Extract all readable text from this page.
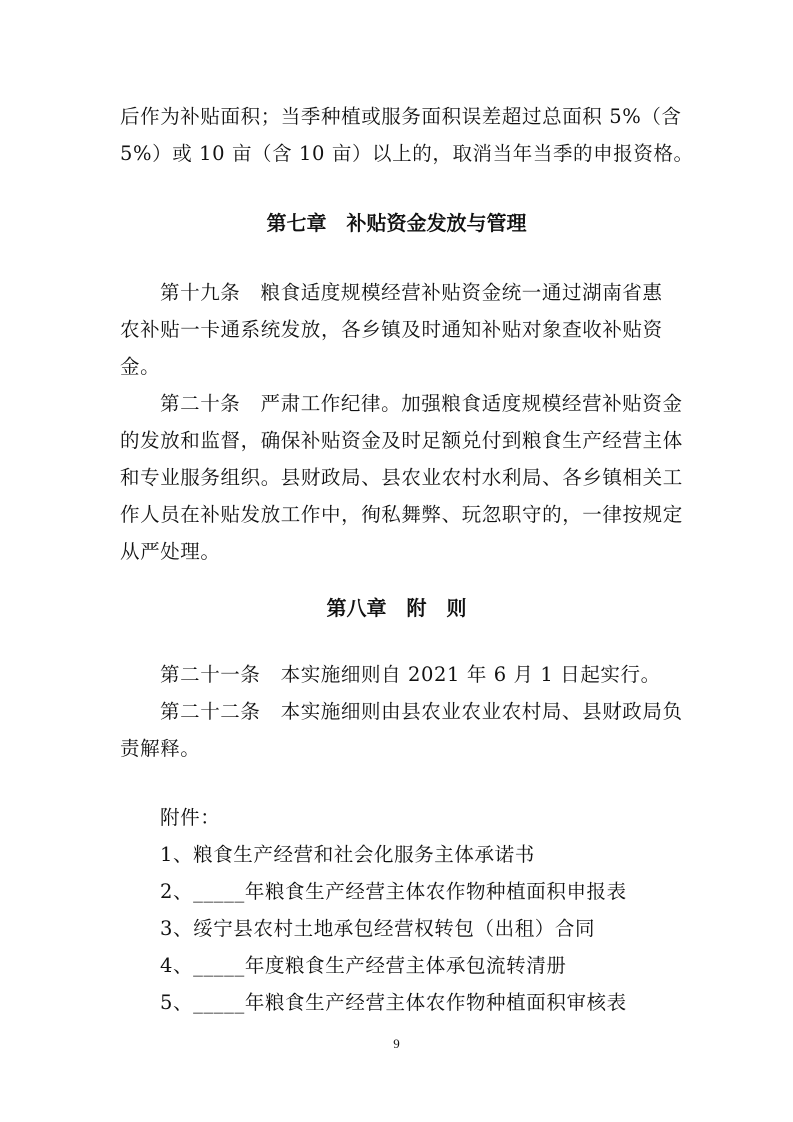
后作为补贴面积；当季种植或服务面积误差超过总面积 5%（含
5%）或 10 亩（含 10 亩）以上的，取消当年当季的申报资格。
第七章　补贴资金发放与管理
第十九条　粮食适度规模经营补贴资金统一通过湖南省惠
农补贴一卡通系统发放，各乡镇及时通知补贴对象查收补贴资
金。
第二十条　严肃工作纪律。加强粮食适度规模经营补贴资金
的发放和监督，确保补贴资金及时足额兑付到粮食生产经营主体
和专业服务组织。县财政局、县农业农村水利局、各乡镇相关工
作人员在补贴发放工作中，徇私舞弊、玩忽职守的，一律按规定
从严处理。
第八章　附　则
第二十一条　本实施细则自 2021 年 6 月 1 日起实行。
第二十二条　本实施细则由县农业农业农村局、县财政局负
责解释。
附件：
1、粮食生产经营和社会化服务主体承诺书
2、_____年粮食生产经营主体农作物种植面积申报表
3、绥宁县农村土地承包经营权转包（出租）合同
4、_____年度粮食生产经营主体承包流转清册
5、_____年粮食生产经营主体农作物种植面积审核表
9
